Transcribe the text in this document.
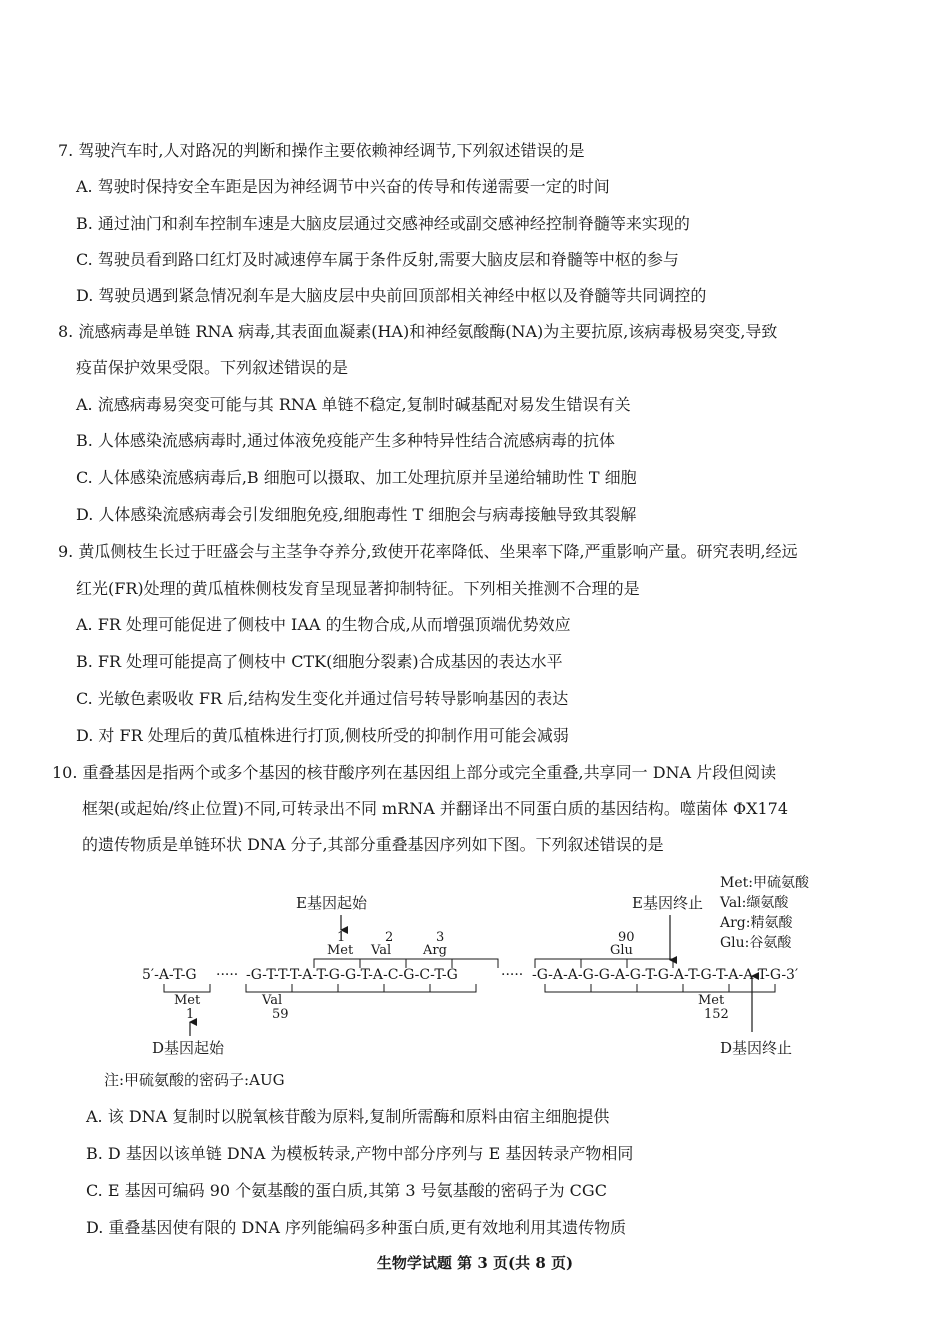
7. 驾驶汽车时,人对路况的判断和操作主要依赖神经调节,下列叙述错误的是
A. 驾驶时保持安全车距是因为神经调节中兴奋的传导和传递需要一定的时间
B. 通过油门和刹车控制车速是大脑皮层通过交感神经或副交感神经控制脊髓等来实现的
C. 驾驶员看到路口红灯及时减速停车属于条件反射,需要大脑皮层和脊髓等中枢的参与
D. 驾驶员遇到紧急情况刹车是大脑皮层中央前回顶部相关神经中枢以及脊髓等共同调控的
8. 流感病毒是单链 RNA 病毒,其表面血凝素(HA)和神经氨酸酶(NA)为主要抗原,该病毒极易突变,导致
疫苗保护效果受限。下列叙述错误的是
A. 流感病毒易突变可能与其 RNA 单链不稳定,复制时碱基配对易发生错误有关
B. 人体感染流感病毒时,通过体液免疫能产生多种特异性结合流感病毒的抗体
C. 人体感染流感病毒后,B 细胞可以摄取、加工处理抗原并呈递给辅助性 T 细胞
D. 人体感染流感病毒会引发细胞免疫,细胞毒性 T 细胞会与病毒接触导致其裂解
9. 黄瓜侧枝生长过于旺盛会与主茎争夺养分,致使开花率降低、坐果率下降,严重影响产量。研究表明,经远
红光(FR)处理的黄瓜植株侧枝发育呈现显著抑制特征。下列相关推测不合理的是
A. FR 处理可能促进了侧枝中 IAA 的生物合成,从而增强顶端优势效应
B. FR 处理可能提高了侧枝中 CTK(细胞分裂素)合成基因的表达水平
C. 光敏色素吸收 FR 后,结构发生变化并通过信号转导影响基因的表达
D. 对 FR 处理后的黄瓜植株进行打顶,侧枝所受的抑制作用可能会减弱
10. 重叠基因是指两个或多个基因的核苷酸序列在基因组上部分或完全重叠,共享同一 DNA 片段但阅读
框架(或起始/终止位置)不同,可转录出不同 mRNA 并翻译出不同蛋白质的基因结构。噬菌体 ΦX174
的遗传物质是单链环状 DNA 分子,其部分重叠基因序列如下图。下列叙述错误的是
Met:甲硫氨酸
Val:缬氨酸
Arg:精氨酸
Glu:谷氨酸
E基因起始	E基因终止
1	2	3	90
Met Val Arg	Glu
5′-A-T-G ····· -G-T-T-T-A-T-G-G-T-A-C-G-C-T-G	····· -G-A-A-G-G-A-G-T-G-A-T-G-T-A-A-T-G-3′
Met
1
Val
59
Met
152
D基因起始	D基因终止
注:甲硫氨酸的密码子:AUG
A. 该 DNA 复制时以脱氧核苷酸为原料,复制所需酶和原料由宿主细胞提供
B. D 基因以该单链 DNA 为模板转录,产物中部分序列与 E 基因转录产物相同
C. E 基因可编码 90 个氨基酸的蛋白质,其第 3 号氨基酸的密码子为 CGC
D. 重叠基因使有限的 DNA 序列能编码多种蛋白质,更有效地利用其遗传物质
生物学试题 第 3 页(共 8 页)
